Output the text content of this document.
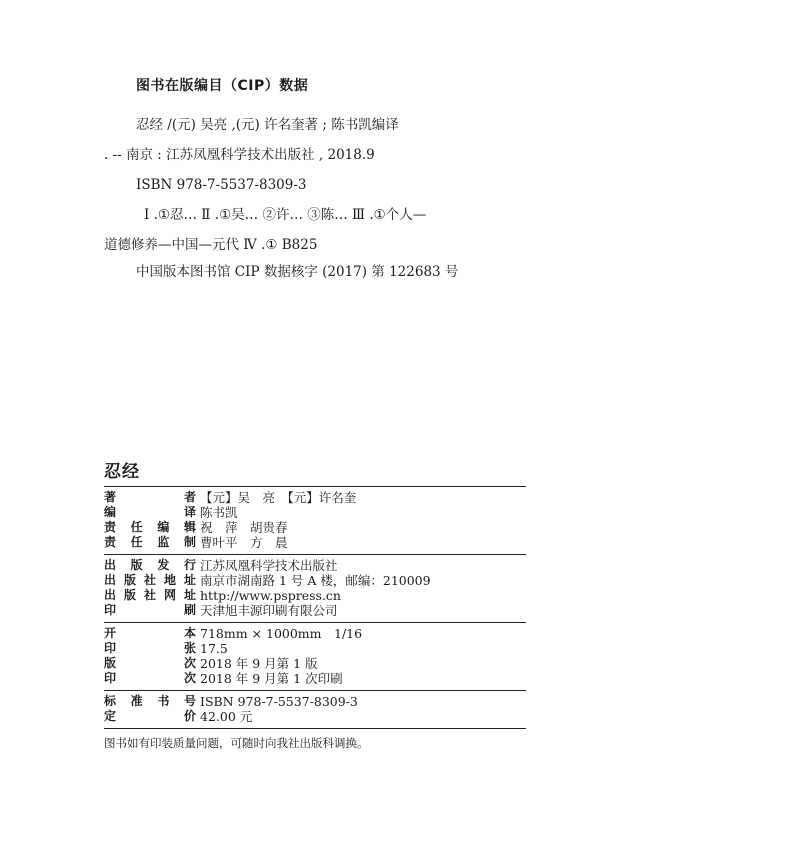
图书在版编目（CIP）数据
忍经 /(元) 吴亮 ,(元) 许名奎著 ; 陈书凯编译
. -- 南京 : 江苏凤凰科学技术出版社 , 2018.9
ISBN 978-7-5537-8309-3
Ⅰ .①忍… Ⅱ .①吴… ②许… ③陈… Ⅲ .①个人—
道德修养—中国—元代 Ⅳ .① B825
中国版本图书馆 CIP 数据核字 (2017) 第 122683 号
忍经
著者 【元】吴　亮　【元】许名奎
编译 陈书凯
责任编辑 祝　萍　胡贵春
责任监制 曹叶平　方　晨
出版发行 江苏凤凰科学技术出版社
出版社地址 南京市湖南路 1 号 A 楼，邮编：210009
出版社网址 http://www.pspress.cn
印刷 天津旭丰源印刷有限公司
开本 718mm × 1000mm　1/16
印张 17.5
版次 2018 年 9 月第 1 版
印次 2018 年 9 月第 1 次印刷
标准书号 ISBN 978-7-5537-8309-3
定价 42.00 元
图书如有印装质量问题，可随时向我社出版科调换。
